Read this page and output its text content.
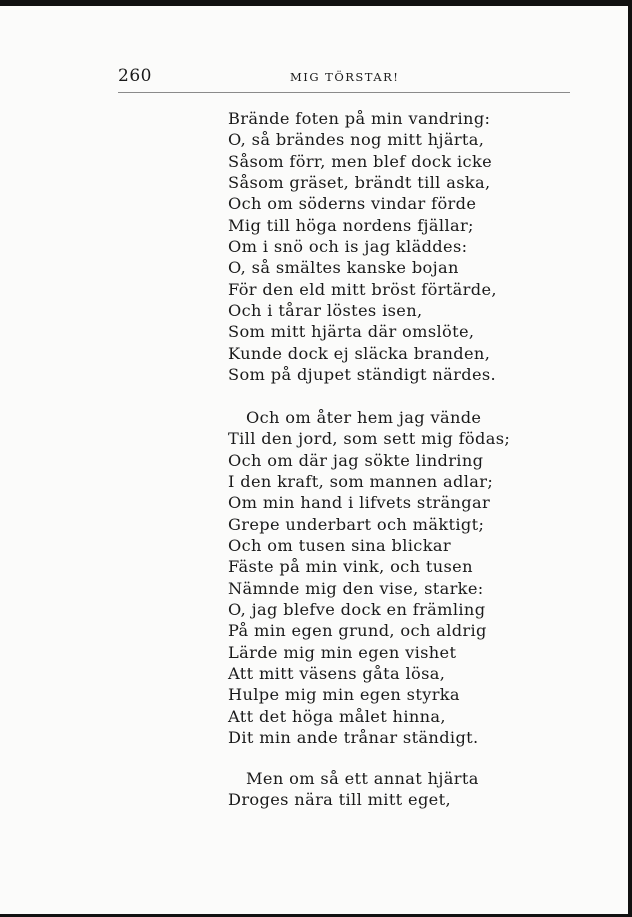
260	MIG TÖRSTAR!
Brände foten på min vandring:
O, så brändes nog mitt hjärta,
Såsom förr, men blef dock icke
Såsom gräset, brändt till aska,
Och om söderns vindar förde
Mig till höga nordens fjällar;
Om i snö och is jag kläddes:
O, så smältes kanske bojan
För den eld mitt bröst förtärde,
Och i tårar löstes isen,
Som mitt hjärta där omslöte,
Kunde dock ej släcka branden,
Som på djupet ständigt närdes.
Och om åter hem jag vände
Till den jord, som sett mig födas;
Och om där jag sökte lindring
I den kraft, som mannen adlar;
Om min hand i lifvets strängar
Grepe underbart och mäktigt;
Och om tusen sina blickar
Fäste på min vink, och tusen
Nämnde mig den vise, starke:
O, jag blefve dock en främling
På min egen grund, och aldrig
Lärde mig min egen vishet
Att mitt väsens gåta lösa,
Hulpe mig min egen styrka
Att det höga målet hinna,
Dit min ande trånar ständigt.
Men om så ett annat hjärta
Droges nära till mitt eget,
